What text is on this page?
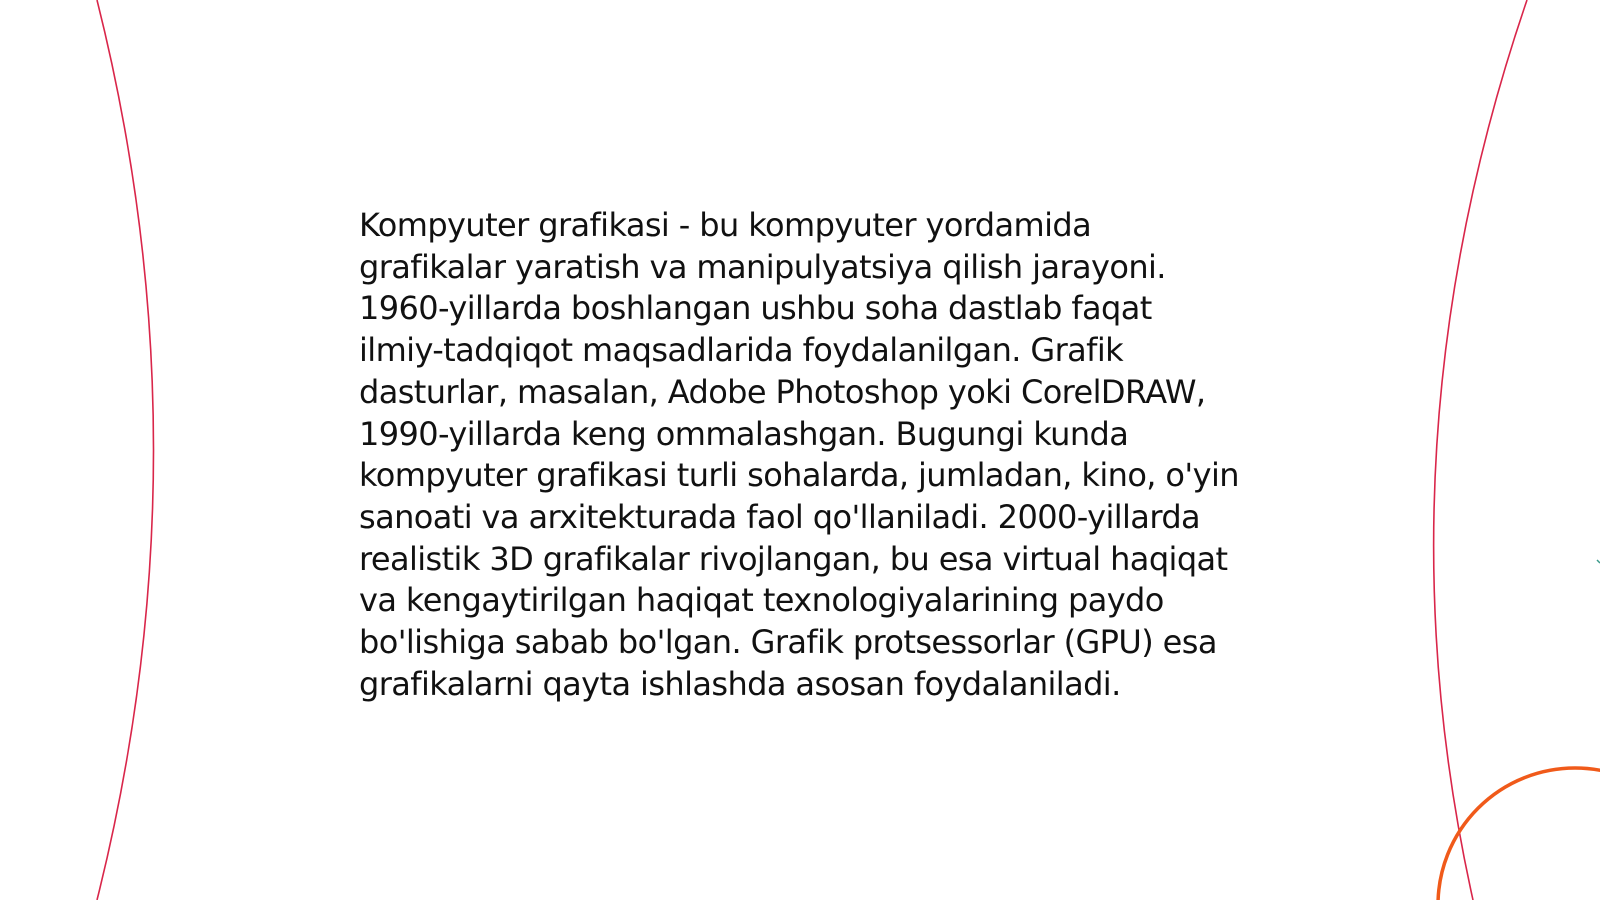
Kompyuter grafikasi - bu kompyuter yordamida grafikalar yaratish va manipulyatsiya qilish jarayoni. 1960-yillarda boshlangan ushbu soha dastlab faqat ilmiy-tadqiqot maqsadlarida foydalanilgan. Grafik dasturlar, masalan, Adobe Photoshop yoki CorelDRAW, 1990-yillarda keng ommalashgan. Bugungi kunda kompyuter grafikasi turli sohalarda, jumladan, kino, o'yin sanoati va arxitekturada faol qo'llaniladi. 2000-yillarda realistik 3D grafikalar rivojlangan, bu esa virtual haqiqat va kengaytirilgan haqiqat texnologiyalarining paydo bo'lishiga sabab bo'lgan. Grafik protsessorlar (GPU) esa grafikalarni qayta ishlashda asosan foydalaniladi.
